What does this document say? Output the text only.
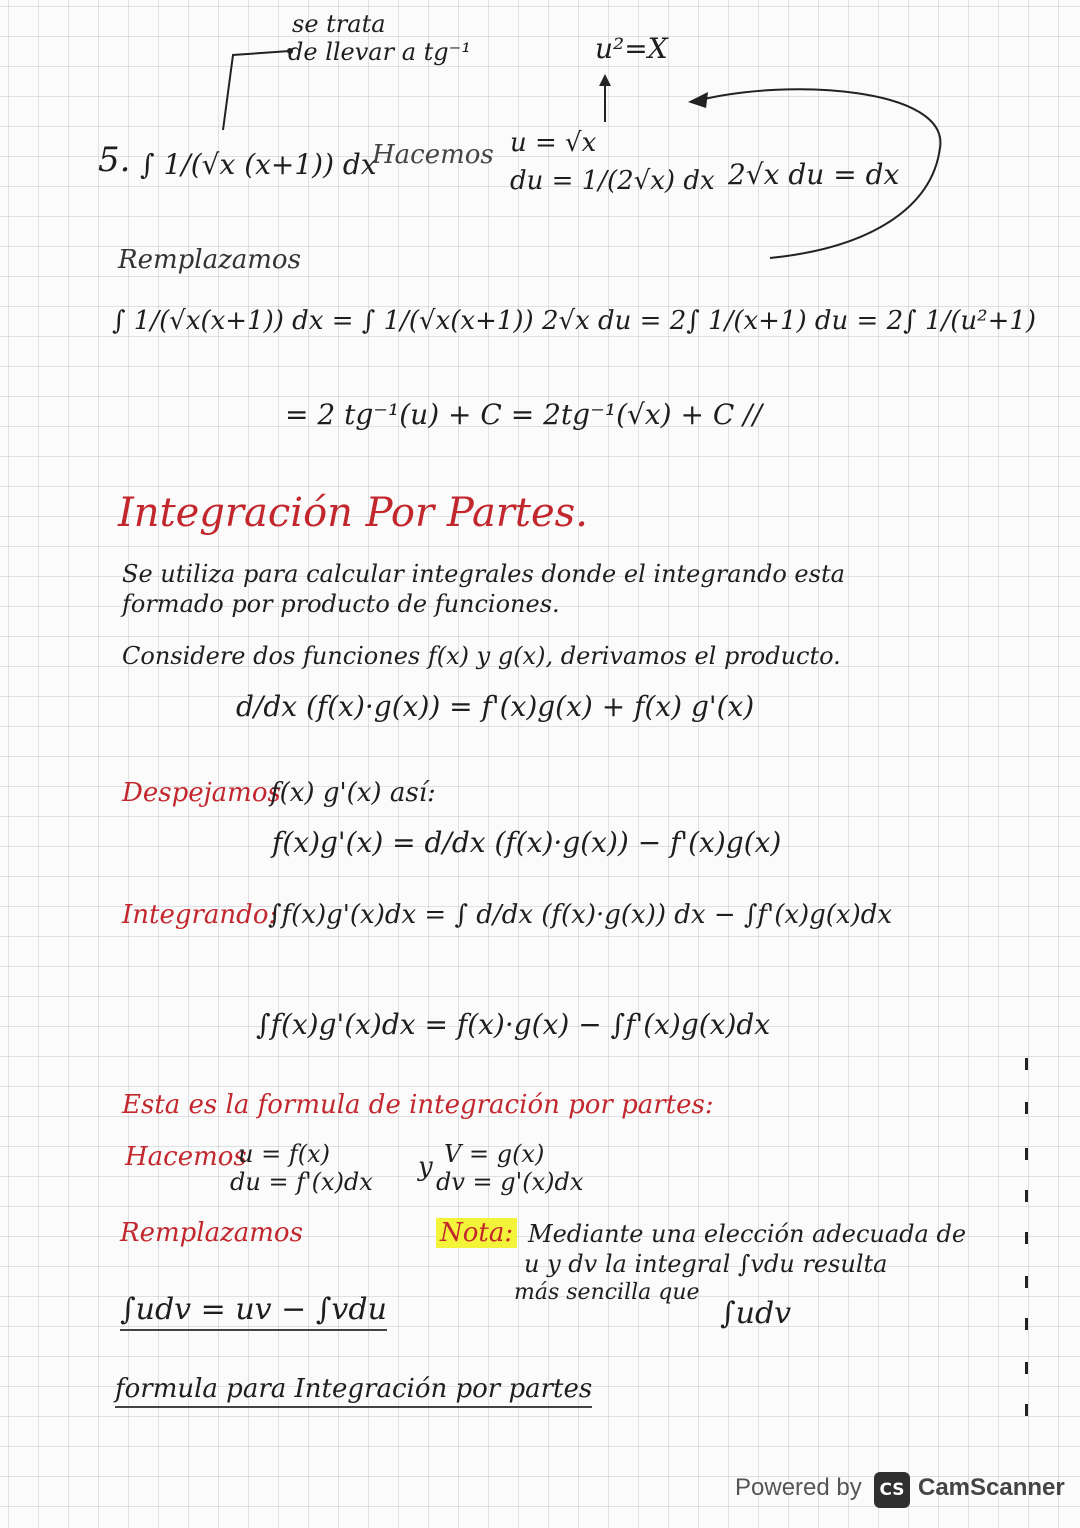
se trata
de llevar a tg⁻¹	u²=X
5. ∫ 1/(√x (x+1)) dx
Hacemos u = √x
du = 1/(2√x) dx 2√x du = dx
Remplazamos
∫ 1/(√x(x+1)) dx = ∫ 1/(√x(x+1)) 2√x du = 2∫ 1/(x+1) du = 2∫ 1/(u²+1)
= 2 tg⁻¹(u) + C = 2tg⁻¹(√x) + C //
Integración Por Partes.
Se utiliza para calcular integrales donde el integrando esta
formado por producto de funciones.
Considere dos funciones f(x) y g(x), derivamos el producto.
d/dx (f(x)·g(x)) = f'(x)g(x) + f(x) g'(x)
Despejamos
f(x) g'(x) así:
f(x)g'(x) = d/dx (f(x)·g(x)) − f'(x)g(x)
Integrando:
∫f(x)g'(x)dx = ∫ d/dx (f(x)·g(x)) dx − ∫f'(x)g(x)dx
∫f(x)g'(x)dx = f(x)·g(x) − ∫f'(x)g(x)dx
Esta es la formula de integración por partes:
Hacemos
u = f(x)
du = f'(x)dx y V = g(x)
dv = g'(x)dx
Remplazamos	Nota: Mediante una elección adecuada de
u y dv la integral ∫vdu resulta
más sencilla que
∫udv
∫udv = uv − ∫vdu
formula para Integración por partes
Powered by	CS CamScanner
